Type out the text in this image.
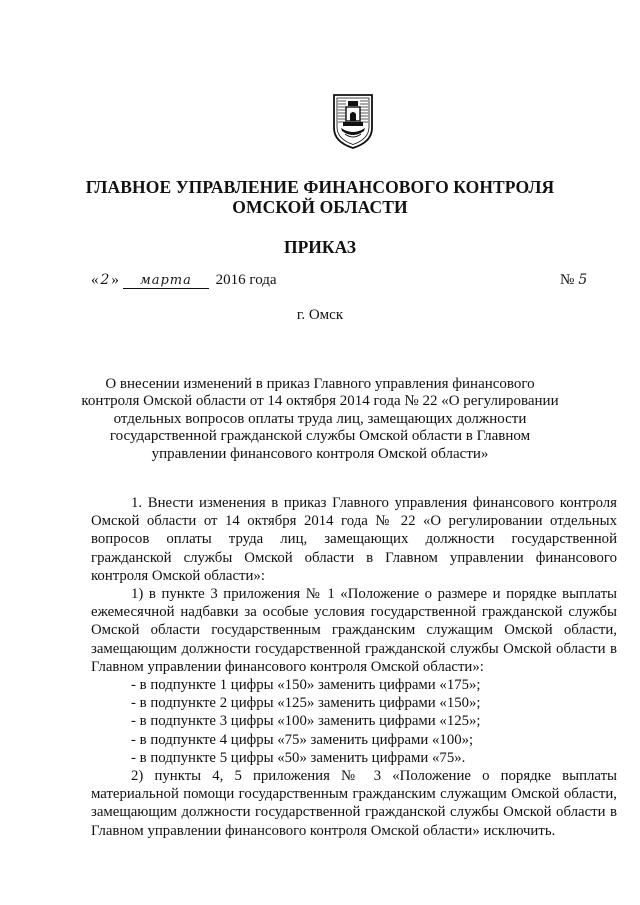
ГЛАВНОЕ УПРАВЛЕНИЕ ФИНАНСОВОГО КОНТРОЛЯ
ОМСКОЙ ОБЛАСТИ
ПРИКАЗ
« 2 » марта 2016 года	№ 5
г. Омск
О внесении изменений в приказ Главного управления финансового контроля Омской области от 14 октября 2014 года № 22 «О регулировании отдельных вопросов оплаты труда лиц, замещающих должности государственной гражданской службы Омской области в Главном управлении финансового контроля Омской области»

1. Внести изменения в приказ Главного управления финансового контроля Омской области от 14 октября 2014 года № 22 «О регулировании отдельных вопросов оплаты труда лиц, замещающих должности государственной гражданской службы Омской области в Главном управлении финансового контроля Омской области»:

1) в пункте 3 приложения № 1 «Положение о размере и порядке выплаты ежемесячной надбавки за особые условия государственной гражданской службы Омской области государственным гражданским служащим Омской области, замещающим должности государственной гражданской службы Омской области в Главном управлении финансового контроля Омской области»:

- в подпункте 1 цифры «150» заменить цифрами «175»;

- в подпункте 2 цифры «125» заменить цифрами «150»;

- в подпункте 3 цифры «100» заменить цифрами «125»;

- в подпункте 4 цифры «75» заменить цифрами «100»;

- в подпункте 5 цифры «50» заменить цифрами «75».

2) пункты 4, 5 приложения № 3 «Положение о порядке выплаты материальной помощи государственным гражданским служащим Омской области, замещающим должности государственной гражданской службы Омской области в Главном управлении финансового контроля Омской области» исключить.
